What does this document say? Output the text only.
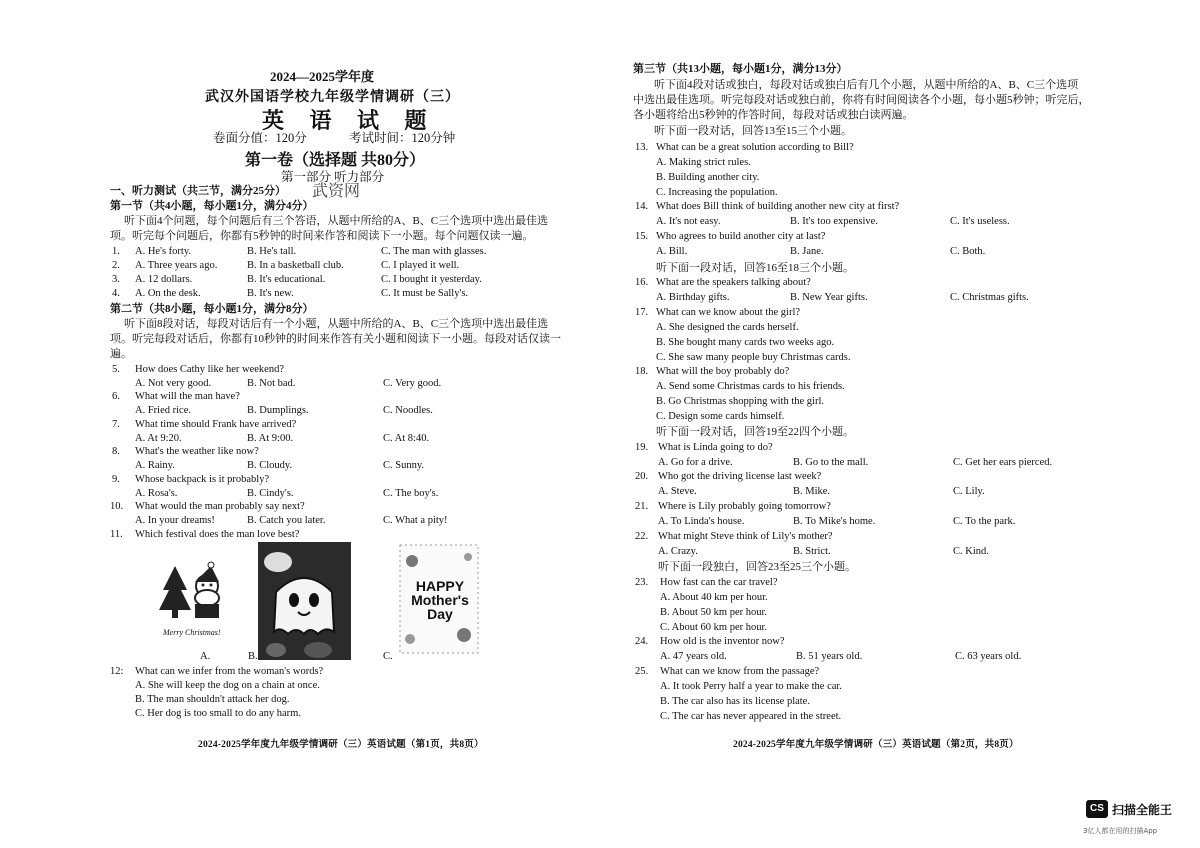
2024—2025学年度
武汉外国语学校九年级学情调研（三）
英 语 试 题
卷面分值：120分	考试时间：120分钟
第一卷（选择题 共80分）
第一部分 听力部分
武资网
一、听力测试（共三节，满分25分）
第一节（共4小题，每小题1分，满分4分）
听下面4个问题，每个问题后有三个答语，从题中所给的A、B、C三个选项中选出最佳选
项。听完每个问题后，你都有5秒钟的时间来作答和阅读下一小题。每个问题仅读一遍。
1. A. He's forty.	B. He's tall.	C. The man with glasses.
2. A. Three years ago.	B. In a basketball club.	C. I played it well.
3. A. 12 dollars.	B. It's educational.	C. I bought it yesterday.
4. A. On the desk.	B. It's new.	C. It must be Sally's.
第二节（共8小题，每小题1分，满分8分）
听下面8段对话，每段对话后有一个小题，从题中所给的A、B、C三个选项中选出最佳选
项。听完每段对话后，你都有10秒钟的时间来作答有关小题和阅读下一小题。每段对话仅读一
遍。
5. How does Cathy like her weekend?
A. Not very good.	B. Not bad.	C. Very good.
6. What will the man have?
A. Fried rice.	B. Dumplings.	C. Noodles.
7. What time should Frank have arrived?
A. At 9:20.	B. At 9:00.	C. At 8:40.
8. What's the weather like now?
A. Rainy.	B. Cloudy.	C. Sunny.
9. Whose backpack is it probably?
A. Rosa's.	B. Cindy's.	C. The boy's.
10. What would the man probably say next?
A. In your dreams!	B. Catch you later.	C. What a pity!
11. Which festival does the man love best?
Merry Christmas!
HAPPY Mother's Day
A.	B.	C.
12: What can we infer from the woman's words?
A. She will keep the dog on a chain at once.
B. The man shouldn't attack her dog.
C. Her dog is too small to do any harm.
2024-2025学年度九年级学情调研（三）英语试题（第1页，共8页）
第三节（共13小题，每小题1分，满分13分）
听下面4段对话或独白，每段对话或独白后有几个小题，从题中所给的A、B、C三个选项
中选出最佳选项。听完每段对话或独白前，你将有时间阅读各个小题，每小题5秒钟；听完后，
各小题将给出5秒钟的作答时间，每段对话或独白读两遍。
听下面一段对话，回答13至15三个小题。
13. What can be a great solution according to Bill?
A. Making strict rules.
B. Building another city.
C. Increasing the population.
14. What does Bill think of building another new city at first?
A. It's not easy.	B. It's too expensive.	C. It's useless.
15. Who agrees to build another city at last?
A. Bill.	B. Jane.	C. Both.
听下面一段对话，回答16至18三个小题。
16. What are the speakers talking about?
A. Birthday gifts.	B. New Year gifts.	C. Christmas gifts.
17. What can we know about the girl?
A. She designed the cards herself.
B. She bought many cards two weeks ago.
C. She saw many people buy Christmas cards.
18. What will the boy probably do?
A. Send some Christmas cards to his friends.
B. Go Christmas shopping with the girl.
C. Design some cards himself.
听下面一段对话，回答19至22四个小题。
19. What is Linda going to do?
A. Go for a drive.	B. Go to the mall.	C. Get her ears pierced.
20. Who got the driving license last week?
A. Steve.	B. Mike.	C. Lily.
21. Where is Lily probably going tomorrow?
A. To Linda's house.	B. To Mike's home.	C. To the park.
22. What might Steve think of Lily's mother?
A. Crazy.	B. Strict.	C. Kind.
听下面一段独白，回答23至25三个小题。
23. How fast can the car travel?
A. About 40 km per hour.
B. About 50 km per hour.
C. About 60 km per hour.
24. How old is the inventor now?
A. 47 years old.	B. 51 years old.	C. 63 years old.
25. What can we know from the passage?
A. It took Perry half a year to make the car.
B. The car also has its license plate.
C. The car has never appeared in the street.
2024-2025学年度九年级学情调研（三）英语试题（第2页，共8页）
CS 扫描全能王
3亿人都在用的扫描App
